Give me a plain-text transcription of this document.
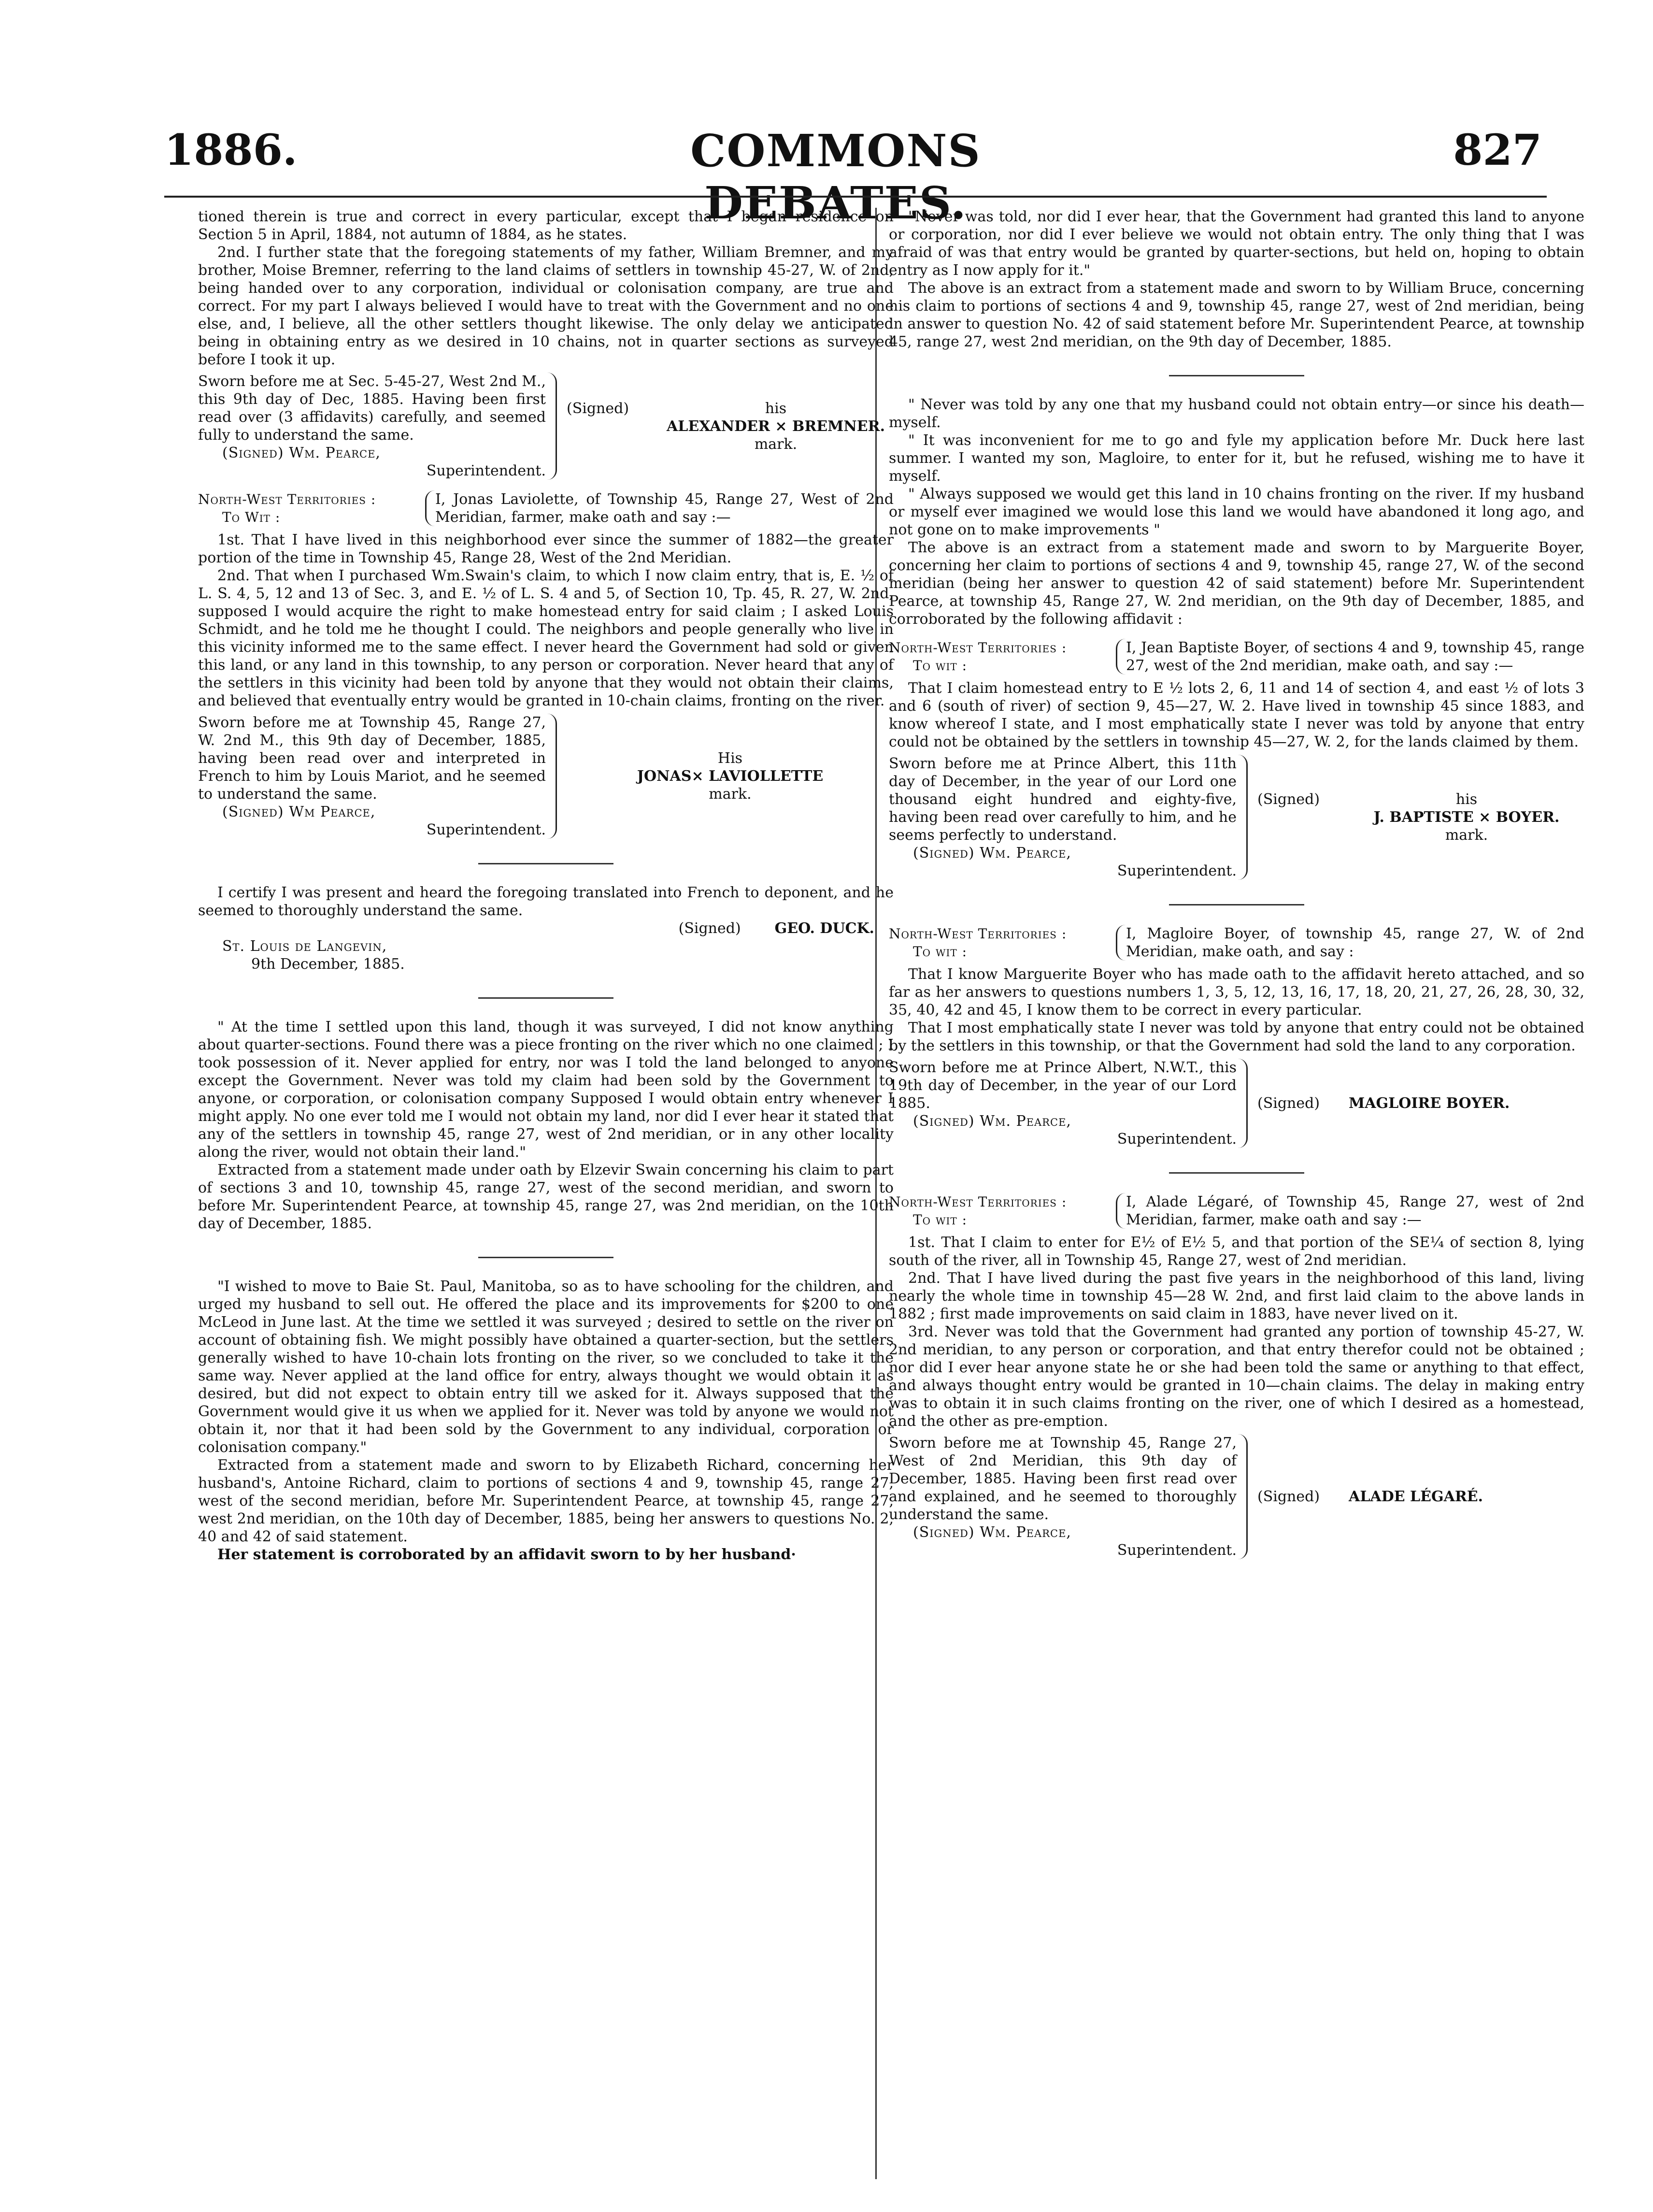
1886.	COMMONS DEBATES.
827

tioned therein is true and correct in every particular, except that I began residence on Section 5 in April, 1884, not autumn of 1884, as he states.

2nd. I further state that the foregoing statements of my father, William Bremner, and my brother, Moise Bremner, referring to the land claims of settlers in township 45-27, W. of 2nd, being handed over to any corporation, individual or colonisation company, are true and correct. For my part I always believed I would have to treat with the Government and no one else, and, I believe, all the other settlers thought likewise. The only delay we anticipated being in obtaining entry as we desired in 10 chains, not in quarter sections as surveyed before I took it up.

Sworn before me at Sec. 5-45-27, West 2nd M., this 9th day of Dec, 1885. Having been first read over (3 affidavits) carefully, and seemed fully to understand the same.
(Signed) Wm. Pearce,
Superintendent.
(Signed)	his
ALEXANDER × BREMNER.
mark.
North-West Territories :
To Wit :
I, Jonas Laviolette, of Township 45, Range 27, West of 2nd Meridian, farmer, make oath and say :—

1st. That I have lived in this neighborhood ever since the summer of 1882—the greater portion of the time in Township 45, Range 28, West of the 2nd Meridian.

2nd. That when I purchased Wm.Swain's claim, to which I now claim entry, that is, E. ½ of L. S. 4, 5, 12 and 13 of Sec. 3, and E. ½ of L. S. 4 and 5, of Section 10, Tp. 45, R. 27, W. 2nd, supposed I would acquire the right to make homestead entry for said claim ; I asked Louis Schmidt, and he told me he thought I could. The neighbors and people generally who live in this vicinity informed me to the same effect. I never heard the Government had sold or given this land, or any land in this township, to any person or corporation. Never heard that any of the settlers in this vicinity had been told by anyone that they would not obtain their claims, and believed that eventually entry would be granted in 10-chain claims, fronting on the river.

Sworn before me at Township 45, Range 27, W. 2nd M., this 9th day of December, 1885, having been read over and interpreted in French to him by Louis Mariot, and he seemed to understand the same.
(Signed) Wm Pearce,
Superintendent.
His
JONAS× LAVIOLLETTE
mark.

I certify I was present and heard the foregoing translated into French to deponent, and he seemed to thoroughly understand the same.

(Signed) GEO. DUCK.
St. Louis de Langevin,
9th December, 1885.

" At the time I settled upon this land, though it was surveyed, I did not know anything about quarter-sections. Found there was a piece fronting on the river which no one claimed ; I took possession of it. Never applied for entry, nor was I told the land belonged to anyone except the Government. Never was told my claim had been sold by the Government to anyone, or corporation, or colonisation company Supposed I would obtain entry whenever I might apply. No one ever told me I would not obtain my land, nor did I ever hear it stated that any of the settlers in township 45, range 27, west of 2nd meridian, or in any other locality along the river, would not obtain their land."

Extracted from a statement made under oath by Elzevir Swain concerning his claim to part of sections 3 and 10, township 45, range 27, west of the second meridian, and sworn to before Mr. Superintendent Pearce, at township 45, range 27, was 2nd meridian, on the 10th day of December, 1885.

"I wished to move to Baie St. Paul, Manitoba, so as to have schooling for the children, and urged my husband to sell out. He offered the place and its improvements for $200 to one McLeod in June last. At the time we settled it was surveyed ; desired to settle on the river on account of obtaining fish. We might possibly have obtained a quarter-section, but the settlers generally wished to have 10-chain lots fronting on the river, so we concluded to take it the same way. Never applied at the land office for entry, always thought we would obtain it as desired, but did not expect to obtain entry till we asked for it. Always supposed that the Government would give it us when we applied for it. Never was told by anyone we would not obtain it, nor that it had been sold by the Government to any individual, corporation or colonisation company."

Extracted from a statement made and sworn to by Elizabeth Richard, concerning her husband's, Antoine Richard, claim to portions of sections 4 and 9, township 45, range 27, west of the second meridian, before Mr. Superintendent Pearce, at township 45, range 27, west 2nd meridian, on the 10th day of December, 1885, being her answers to questions No. 2, 40 and 42 of said statement.

Her statement is corroborated by an affidavit sworn to by her husband·

"Never was told, nor did I ever hear, that the Government had granted this land to anyone or corporation, nor did I ever believe we would not obtain entry. The only thing that I was afraid of was that entry would be granted by quarter-sections, but held on, hoping to obtain entry as I now apply for it."

The above is an extract from a statement made and sworn to by William Bruce, concerning his claim to portions of sections 4 and 9, township 45, range 27, west of 2nd meridian, being in answer to question No. 42 of said statement before Mr. Superintendent Pearce, at township 45, range 27, west 2nd meridian, on the 9th day of December, 1885.

" Never was told by any one that my husband could not obtain entry—or since his death—myself.

" It was inconvenient for me to go and fyle my application before Mr. Duck here last summer. I wanted my son, Magloire, to enter for it, but he refused, wishing me to have it myself.

" Always supposed we would get this land in 10 chains fronting on the river. If my husband or myself ever imagined we would lose this land we would have abandoned it long ago, and not gone on to make improvements "

The above is an extract from a statement made and sworn to by Marguerite Boyer, concerning her claim to portions of sections 4 and 9, township 45, range 27, W. of the second meridian (being her answer to question 42 of said statement) before Mr. Superintendent Pearce, at township 45, Range 27, W. 2nd meridian, on the 9th day of December, 1885, and corroborated by the following affidavit :

North-West Territories :
To wit :
I, Jean Baptiste Boyer, of sections 4 and 9, township 45, range 27, west of the 2nd meridian, make oath, and say :—

That I claim homestead entry to E ½ lots 2, 6, 11 and 14 of section 4, and east ½ of lots 3 and 6 (south of river) of section 9, 45—27, W. 2. Have lived in township 45 since 1883, and know whereof I state, and I most emphatically state I never was told by anyone that entry could not be obtained by the settlers in township 45—27, W. 2, for the lands claimed by them.

Sworn before me at Prince Albert, this 11th day of December, in the year of our Lord one thousand eight hundred and eighty-five, having been read over carefully to him, and he seems perfectly to understand.
(Signed) Wm. Pearce,
Superintendent.
(Signed)	his
J. BAPTISTE × BOYER.
mark.
North-West Territories :
To wit :
I, Magloire Boyer, of township 45, range 27, W. of 2nd Meridian, make oath, and say :

That I know Marguerite Boyer who has made oath to the affidavit hereto attached, and so far as her answers to questions numbers 1, 3, 5, 12, 13, 16, 17, 18, 20, 21, 27, 26, 28, 30, 32, 35, 40, 42 and 45, I know them to be correct in every particular.

That I most emphatically state I never was told by anyone that entry could not be obtained by the settlers in this township, or that the Government had sold the land to any corporation.

Sworn before me at Prince Albert, N.W.T., this 19th day of December, in the year of our Lord 1885.
(Signed) Wm. Pearce,
Superintendent.
(Signed) MAGLOIRE BOYER.
North-West Territories :
To wit :
I, Alade Légaré, of Township 45, Range 27, west of 2nd Meridian, farmer, make oath and say :—

1st. That I claim to enter for E½ of E½ 5, and that portion of the SE¼ of section 8, lying south of the river, all in Township 45, Range 27, west of 2nd meridian.

2nd. That I have lived during the past five years in the neighborhood of this land, living nearly the whole time in township 45—28 W. 2nd, and first laid claim to the above lands in 1882 ; first made improvements on said claim in 1883, have never lived on it.

3rd. Never was told that the Government had granted any portion of township 45-27, W. 2nd meridian, to any person or corporation, and that entry therefor could not be obtained ; nor did I ever hear anyone state he or she had been told the same or anything to that effect, and always thought entry would be granted in 10—chain claims. The delay in making entry was to obtain it in such claims fronting on the river, one of which I desired as a homestead, and the other as pre-emption.

Sworn before me at Township 45, Range 27, West of 2nd Meridian, this 9th day of December, 1885. Having been first read over and explained, and he seemed to thoroughly understand the same.
(Signed) Wm. Pearce,
Superintendent.
(Signed) ALADE LÉGARÉ.
